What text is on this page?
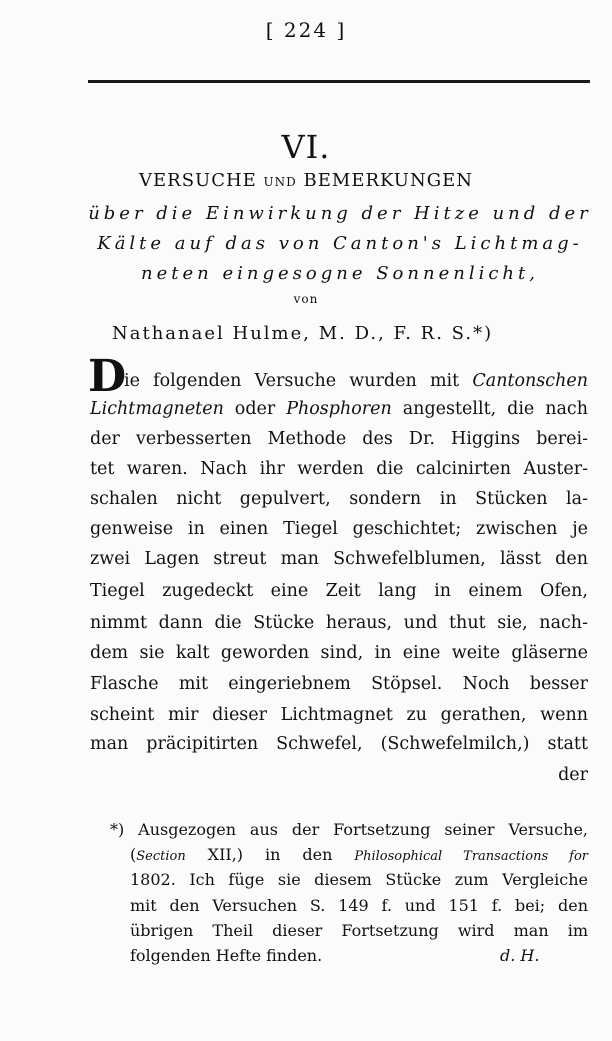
[ 224 ]
VI.
VERSUCHE UND BEMERKUNGEN
über die Einwirkung der Hitze und der
Kälte auf das von Canton's Lichtmag-
neten eingesogne Sonnenlicht,
von
Nathanael Hulme, M. D., F. R. S.*)
D
ie folgenden Versuche wurden mit Cantonschen
Lichtmagneten oder Phosphoren angestellt, die nach
der verbesserten Methode des Dr. Higgins berei-
tet waren. Nach ihr werden die calcinirten Auster-
schalen nicht gepulvert, sondern in Stücken la-
genweise in einen Tiegel geschichtet; zwischen je
zwei Lagen streut man Schwefelblumen, lässt den
Tiegel zugedeckt eine Zeit lang in einem Ofen,
nimmt dann die Stücke heraus, und thut sie, nach-
dem sie kalt geworden sind, in eine weite gläserne
Flasche mit eingeriebnem Stöpsel. Noch besser
scheint mir dieser Lichtmagnet zu gerathen, wenn
man präcipitirten Schwefel, (Schwefelmilch,) statt
der
*) Ausgezogen aus der Fortsetzung seiner Versuche,
(Section XII,) in den Philosophical Transactions for
1802. Ich füge sie diesem Stücke zum Vergleiche
mit den Versuchen S. 149 f. und 151 f. bei; den
übrigen Theil dieser Fortsetzung wird man im
folgenden Hefte finden.	d. H.
